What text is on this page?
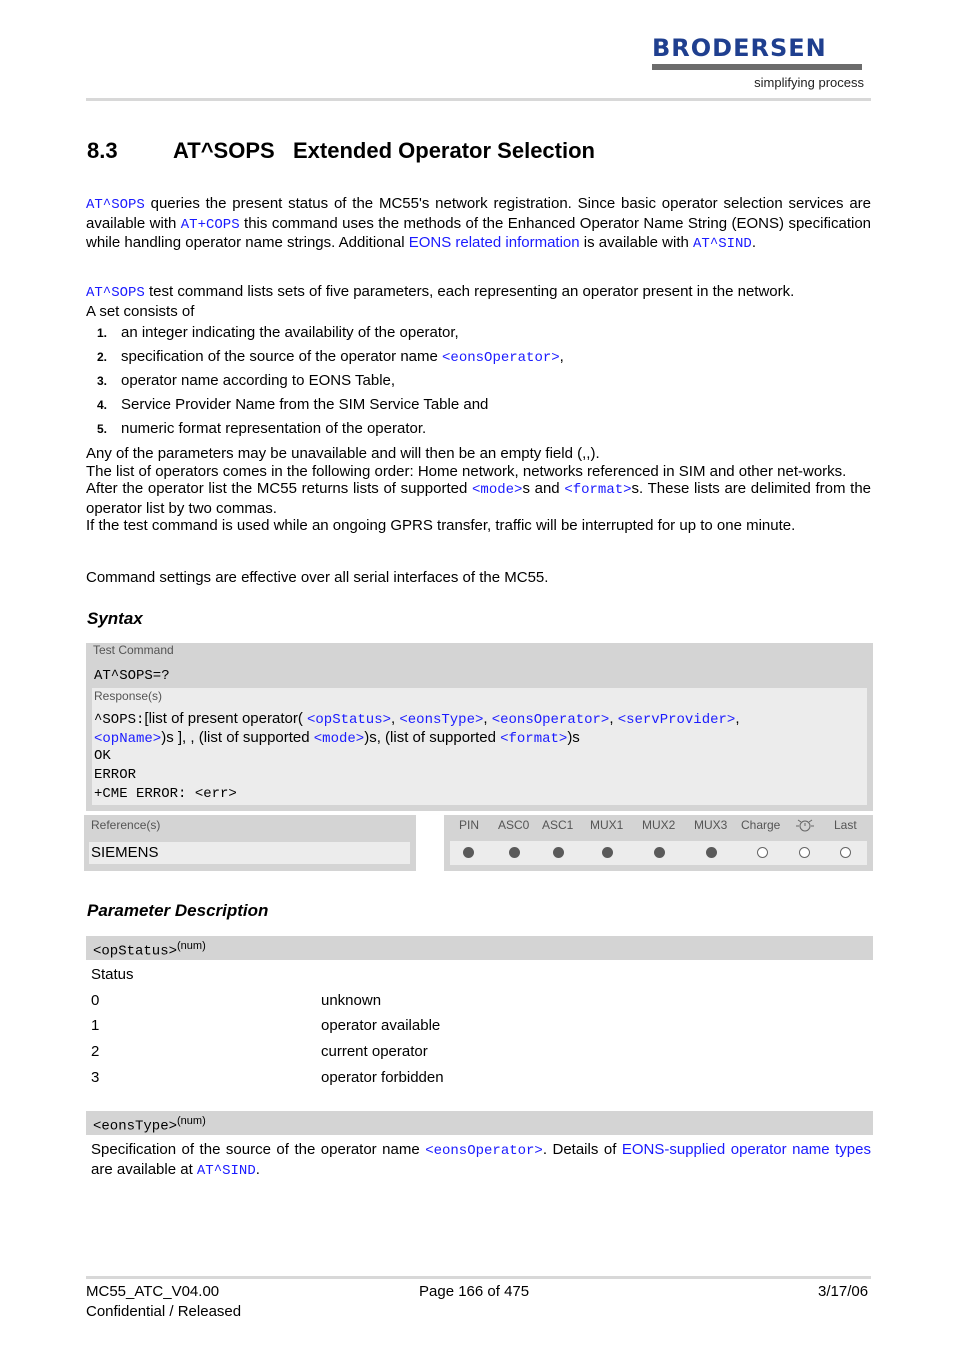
BRODERSEN
simplifying process
8.3	AT^SOPS   Extended Operator Selection
AT^SOPS queries the present status of the MC55's network registration. Since basic operator selection services are available with AT+COPS this command uses the methods of the Enhanced Operator Name String (EONS) specification while handling operator name strings. Additional EONS related information is available with AT^SIND.
AT^SOPS test command lists sets of five parameters, each representing an operator present in the network.
A set consists of
1. an integer indicating the availability of the operator,
2. specification of the source of the operator name <eonsOperator>,
3. operator name according to EONS Table,
4. Service Provider Name from the SIM Service Table and
5. numeric format representation of the operator.
Any of the parameters may be unavailable and will then be an empty field (,,).
The list of operators comes in the following order: Home network, networks referenced in SIM and other net-works.
After the operator list the MC55 returns lists of supported <mode>s and <format>s. These lists are delimited from the operator list by two commas.
If the test command is used while an ongoing GPRS transfer, traffic will be interrupted for up to one minute.
Command settings are effective over all serial interfaces of the MC55.
Syntax
Test Command
AT^SOPS=?
Response(s)
^SOPS:[list of present operator( <opStatus>, <eonsType>, <eonsOperator>, <servProvider>,
<opName>)s ], , (list of supported <mode>)s, (list of supported <format>)s
OK
ERROR
+CME ERROR: <err>
Reference(s)
SIEMENS
PIN ASC0 ASC1 MUX1 MUX2 MUX3 Charge	Last
Parameter Description
<opStatus>$^{(num)}$
Status
0	unknown
1	operator available
2	current operator
3	operator forbidden
<eonsType>$^{(num)}$
Specification of the source of the operator name <eonsOperator>. Details of EONS-supplied operator name types are available at AT^SIND.
MC55_ATC_V04.00
Confidential / Released
Page 166 of 475	3/17/06
